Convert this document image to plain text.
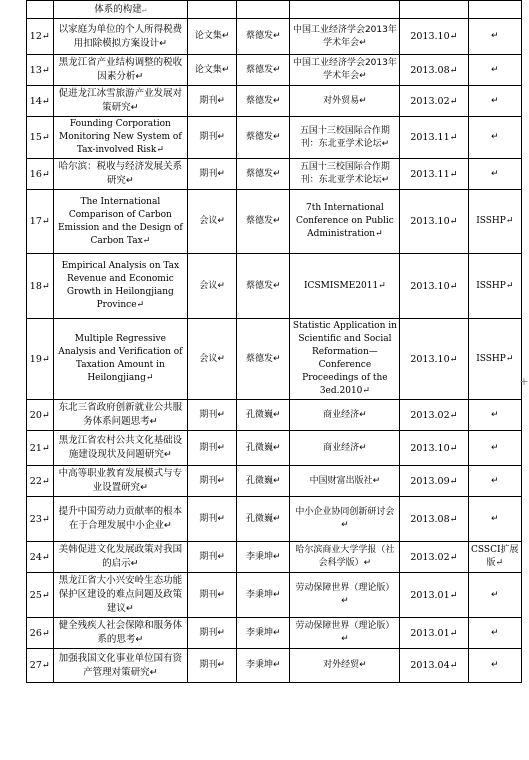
	体系的构建↵					
12↵	以家庭为单位的个人所得税费用扣除模拟方案设计↵	论文集↵	蔡德发↵	中国工业经济学会2013年学术年会↵	2013.10↵	↵
13↵	黑龙江省产业结构调整的税收因素分析↵	论文集↵	蔡德发↵	中国工业经济学会2013年学术年会↵	2013.08↵	↵
14↵	促进龙江冰雪旅游产业发展对策研究↵	期刊↵	蔡德发↵	对外贸易↵	2013.02↵	↵
15↵	Founding Corporation Monitoring New System of Tax-involved Risk↵	期刊↵	蔡德发↵	五国十三校国际合作期刊：东北亚学术论坛↵	2013.11↵	↵
16↵	哈尔滨：税收与经济发展关系研究↵	期刊↵	蔡德发↵	五国十三校国际合作期刊：东北亚学术论坛↵	2013.11↵	↵
17↵	The International Comparison of Carbon Emission and the Design of Carbon Tax↵	会议↵	蔡德发↵	7th International Conference on Public Administration↵	2013.10↵	ISSHP↵
18↵	Empirical Analysis on Tax Revenue and Economic Growth in Heilongjiang Province↵	会议↵	蔡德发↵	ICSMISME2011↵	2013.10↵	ISSHP↵
19↵	Multiple Regressive Analysis and Verification of Taxation Amount in Heilongjiang↵	会议↵	蔡德发↵	Statistic Application in Scientific and Social Reformation—Conference Proceedings of the 3ed.2010↵	2013.10↵	ISSHP↵
20↵	东北三省政府创新就业公共服务体系问题思考↵	期刊↵	孔微巍↵	商业经济↵	2013.02↵	↵
21↵	黑龙江省农村公共文化基础设施建设现状及问题研究↵	期刊↵	孔微巍↵	商业经济↵	2013.10↵	↵
22↵	中高等职业教育发展模式与专业设置研究↵	期刊↵	孔微巍↵	中国财富出版社↵	2013.09↵	↵
23↵	提升中国劳动力贡献率的根本在于合理发展中小企业↵	期刊↵	孔微巍↵	中小企业协同创新研讨会↵	2013.08↵	↵
24↵	美韩促进文化发展政策对我国的启示↵	期刊↵	李秉坤↵	哈尔滨商业大学学报（社会科学版）↵	2013.02↵	CSSCI扩展版↵
25↵	黑龙江省大小兴安岭生态功能保护区建设的难点问题及政策建议↵	期刊↵	李秉坤↵	劳动保障世界（理论版）↵	2013.01↵	↵
26↵	健全残疾人社会保障和服务体系的思考↵	期刊↵	李秉坤↵	劳动保障世界（理论版）↵	2013.01↵	↵
27↵	加强我国文化事业单位国有资产管理对策研究↵	期刊↵	李秉坤↵	对外经贸↵	2013.04↵	↵
+
